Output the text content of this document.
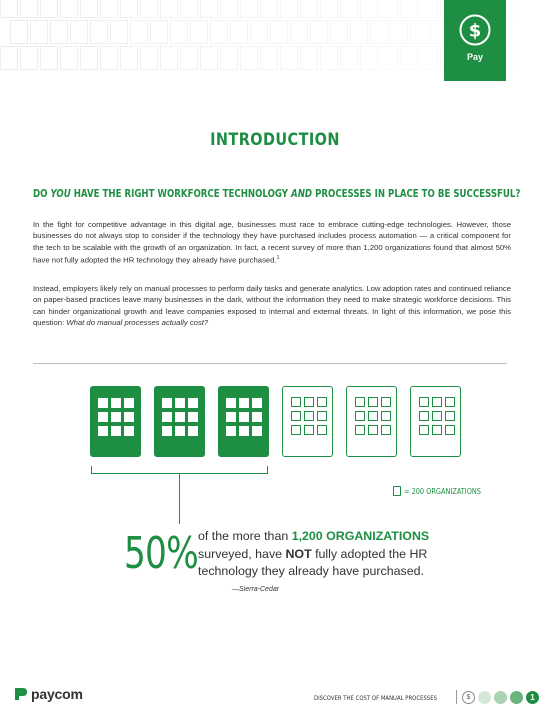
$
Pay
INTRODUCTION
DO YOU HAVE THE RIGHT WORKFORCE TECHNOLOGY AND PROCESSES IN PLACE TO BE SUCCESSFUL?

In the fight for competitive advantage in this digital age, businesses must race to embrace cutting-edge technologies. However, those businesses do not always stop to consider if the technology they have purchased includes process automation — a critical component for the tech to be scalable with the growth of an organization. In fact, a recent survey of more than 1,200 organizations found that almost 50% have not fully adopted the HR technology they already have purchased.$^1$

Instead, employers likely rely on manual processes to perform daily tasks and generate analytics. Low adoption rates and continued reliance on paper-based practices leave many businesses in the dark, without the information they need to make strategic workforce decisions. This can hinder organizational growth and leave companies exposed to internal and external threats. In light of this information, we pose this question: What do manual processes actually cost?

= 200 ORGANIZATIONS
50% of the more than 1,200 ORGANIZATIONS surveyed, have NOT fully adopted the HR technology they already have purchased.

—Sierra-Cedar
paycom	DISCOVER THE COST OF MANUAL PROCESSES	$	1
